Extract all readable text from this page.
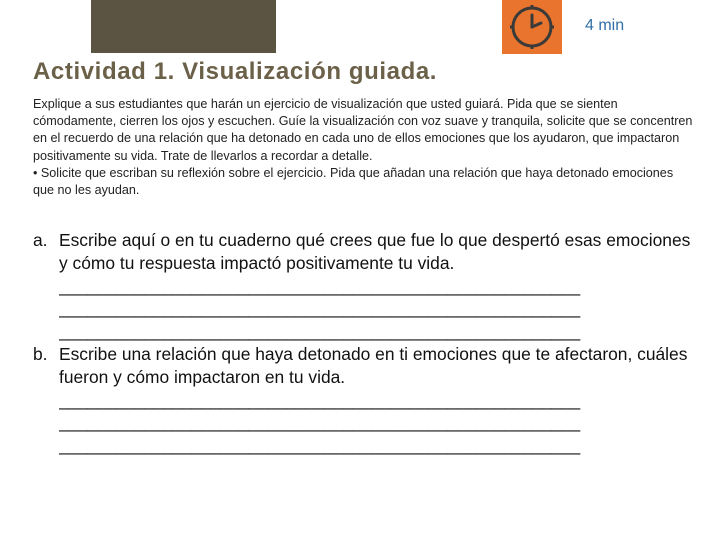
4 min
Actividad 1. Visualización guiada.

Explique a sus estudiantes que harán un ejercicio de visualización que usted guiará. Pida que se sienten cómodamente, cierren los ojos y escuchen. Guíe la visualización con voz suave y tranquila, solicite que se concentren en el recuerdo de una relación que ha detonado en cada uno de ellos emociones que los ayudaron, que impactaron positivamente su vida. Trate de llevarlos a recordar a detalle.

• Solicite que escriban su reflexión sobre el ejercicio. Pida que añadan una relación que haya detonado emociones que no les ayudan.

a. Escribe aquí o en tu cuaderno qué crees que fue lo que despertó esas emociones y cómo tu respuesta impactó positivamente tu vida.
_______________________________________________________
_______________________________________________________
_______________________________________________________
b. Escribe una relación que haya detonado en ti emociones que te afectaron, cuáles fueron y cómo impactaron en tu vida.
_______________________________________________________
_______________________________________________________
_______________________________________________________
